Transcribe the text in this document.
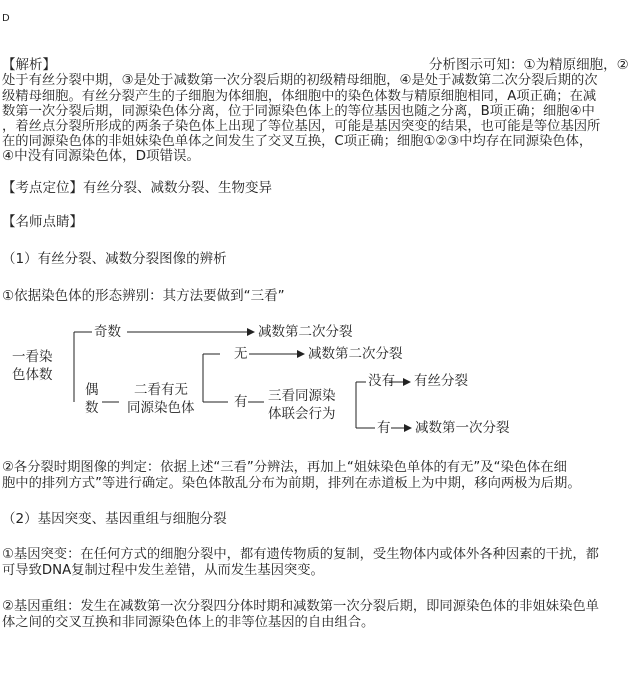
D
【解析】	分析图示可知：①为精原细胞，②
处于有丝分裂中期，③是处于减数第一次分裂后期的初级精母细胞，④是处于减数第二次分裂后期的次
级精母细胞。有丝分裂产生的子细胞为体细胞，体细胞中的染色体数与精原细胞相同，A项正确；在减
数第一次分裂后期，同源染色体分离，位于同源染色体上的等位基因也随之分离，B项正确；细胞④中
，着丝点分裂所形成的两条子染色体上出现了等位基因，可能是基因突变的结果，也可能是等位基因所
在的同源染色体的非姐妹染色单体之间发生了交叉互换，C项正确；细胞①②③中均存在同源染色体，
④中没有同源染色体，D项错误。
【考点定位】有丝分裂、减数分裂、生物变异
【名师点睛】
（1）有丝分裂、减数分裂图像的辨析
①依据染色体的形态辨别：其方法要做到“三看”
一看染
色体数
奇数	减数第二次分裂
偶
数
二看有无
同源染色体
无	减数第二次分裂
有 三看同源染
体联会行为
没有 有丝分裂
有 减数第一次分裂
②各分裂时期图像的判定：依据上述“三看”分辨法，再加上“姐妹染色单体的有无”及“染色体在细
胞中的排列方式”等进行确定。染色体散乱分布为前期，排列在赤道板上为中期，移向两极为后期。
（2）基因突变、基因重组与细胞分裂
①基因突变：在任何方式的细胞分裂中，都有遗传物质的复制，受生物体内或体外各种因素的干扰，都
可导致DNA复制过程中发生差错，从而发生基因突变。
②基因重组：发生在减数第一次分裂四分体时期和减数第一次分裂后期，即同源染色体的非姐妹染色单
体之间的交叉互换和非同源染色体上的非等位基因的自由组合。
